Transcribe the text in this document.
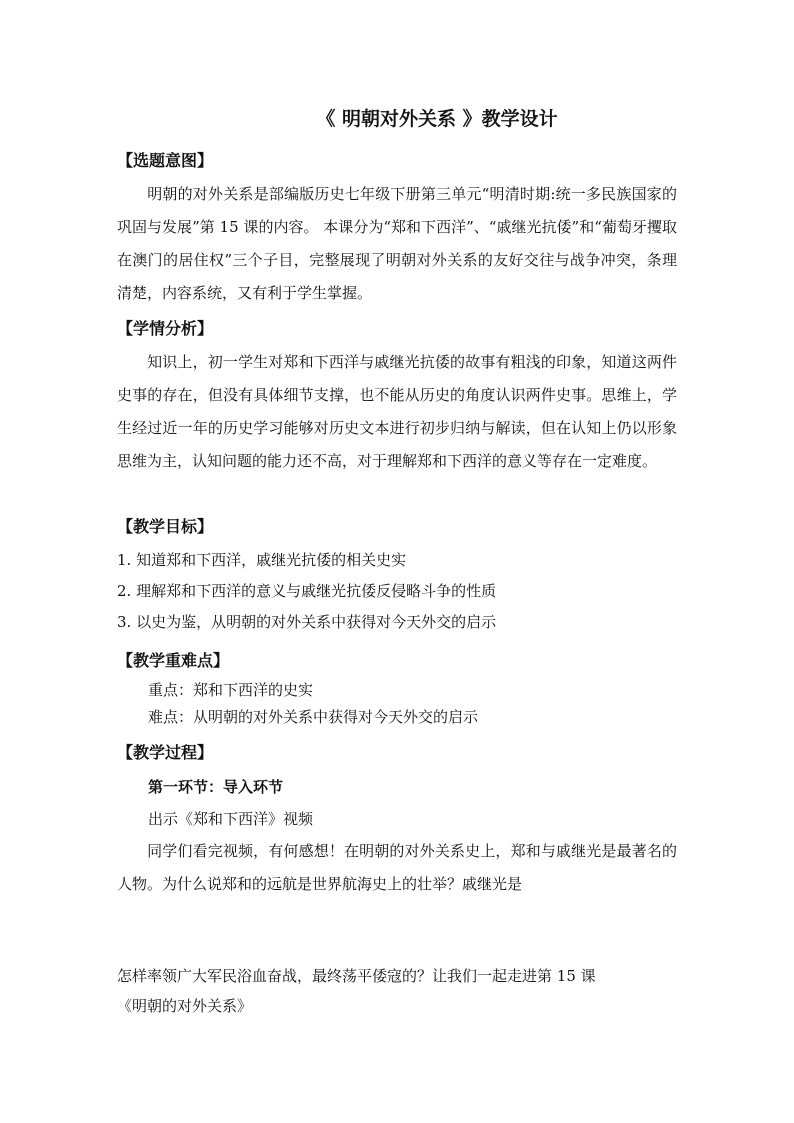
《 明朝对外关系 》教学设计
【选题意图】
明朝的对外关系是部编版历史七年级下册第三单元“明清时期:统一多民族国家的巩固与发展”第 15 课的内容。 本课分为“郑和下西洋”、“戚继光抗倭”和“葡萄牙攫取在澳门的居住权”三个子目，完整展现了明朝对外关系的友好交往与战争冲突，条理清楚，内容系统，又有利于学生掌握。
【学情分析】
知识上，初一学生对郑和下西洋与戚继光抗倭的故事有粗浅的印象，知道这两件史事的存在，但没有具体细节支撑，也不能从历史的角度认识两件史事。思维上，学生经过近一年的历史学习能够对历史文本进行初步归纳与解读，但在认知上仍以形象思维为主，认知问题的能力还不高，对于理解郑和下西洋的意义等存在一定难度。
【教学目标】
1. 知道郑和下西洋，戚继光抗倭的相关史实
2. 理解郑和下西洋的意义与戚继光抗倭反侵略斗争的性质
3. 以史为鉴，从明朝的对外关系中获得对今天外交的启示
【教学重难点】
重点：郑和下西洋的史实
难点：从明朝的对外关系中获得对今天外交的启示
【教学过程】
第一环节：导入环节
出示《郑和下西洋》视频
同学们看完视频，有何感想！在明朝的对外关系史上，郑和与戚继光是最著名的人物。为什么说郑和的远航是世界航海史上的壮举？戚继光是
怎样率领广大军民浴血奋战，最终荡平倭寇的？让我们一起走进第 15 课
《明朝的对外关系》
